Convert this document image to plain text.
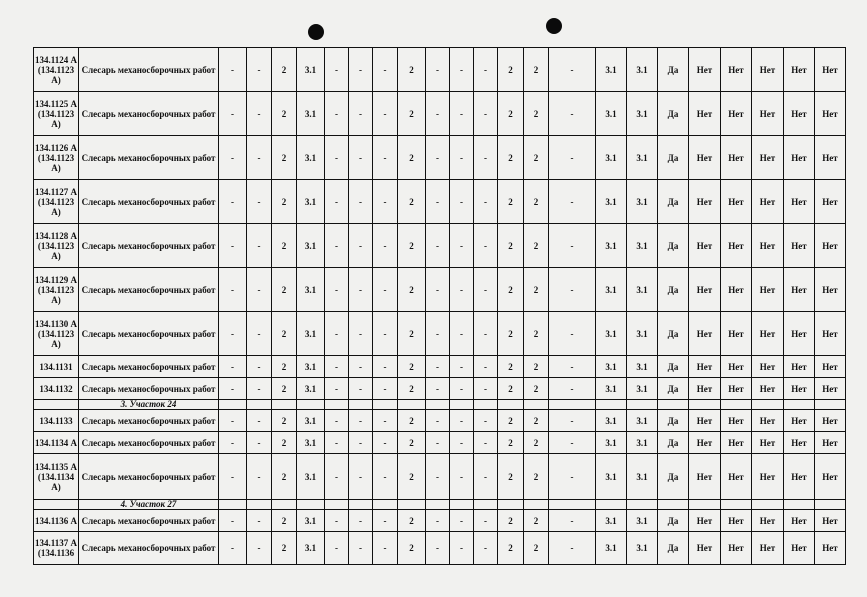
134.1124 А (134.1123 А)	Слесарь механосборочных работ	-	-	2	3.1	-	-	-	2	-	-	-	2	2	-	3.1	3.1	Да	Нет	Нет	Нет	Нет	Нет
134.1125 А (134.1123 А)	Слесарь механосборочных работ	-	-	2	3.1	-	-	-	2	-	-	-	2	2	-	3.1	3.1	Да	Нет	Нет	Нет	Нет	Нет
134.1126 А (134.1123 А)	Слесарь механосборочных работ	-	-	2	3.1	-	-	-	2	-	-	-	2	2	-	3.1	3.1	Да	Нет	Нет	Нет	Нет	Нет
134.1127 А (134.1123 А)	Слесарь механосборочных работ	-	-	2	3.1	-	-	-	2	-	-	-	2	2	-	3.1	3.1	Да	Нет	Нет	Нет	Нет	Нет
134.1128 А (134.1123 А)	Слесарь механосборочных работ	-	-	2	3.1	-	-	-	2	-	-	-	2	2	-	3.1	3.1	Да	Нет	Нет	Нет	Нет	Нет
134.1129 А (134.1123 А)	Слесарь механосборочных работ	-	-	2	3.1	-	-	-	2	-	-	-	2	2	-	3.1	3.1	Да	Нет	Нет	Нет	Нет	Нет
134.1130 А (134.1123 А)	Слесарь механосборочных работ	-	-	2	3.1	-	-	-	2	-	-	-	2	2	-	3.1	3.1	Да	Нет	Нет	Нет	Нет	Нет
134.1131	Слесарь механосборочных работ	-	-	2	3.1	-	-	-	2	-	-	-	2	2	-	3.1	3.1	Да	Нет	Нет	Нет	Нет	Нет
134.1132	Слесарь механосборочных работ	-	-	2	3.1	-	-	-	2	-	-	-	2	2	-	3.1	3.1	Да	Нет	Нет	Нет	Нет	Нет
	3. Участок 24																						
134.1133	Слесарь механосборочных работ	-	-	2	3.1	-	-	-	2	-	-	-	2	2	-	3.1	3.1	Да	Нет	Нет	Нет	Нет	Нет
134.1134 А	Слесарь механосборочных работ	-	-	2	3.1	-	-	-	2	-	-	-	2	2	-	3.1	3.1	Да	Нет	Нет	Нет	Нет	Нет
134.1135 А (134.1134 А)	Слесарь механосборочных работ	-	-	2	3.1	-	-	-	2	-	-	-	2	2	-	3.1	3.1	Да	Нет	Нет	Нет	Нет	Нет
	4. Участок 27																						
134.1136 А	Слесарь механосборочных работ	-	-	2	3.1	-	-	-	2	-	-	-	2	2	-	3.1	3.1	Да	Нет	Нет	Нет	Нет	Нет
134.1137 А (134.1136	Слесарь механосборочных работ	-	-	2	3.1	-	-	-	2	-	-	-	2	2	-	3.1	3.1	Да	Нет	Нет	Нет	Нет	Нет
